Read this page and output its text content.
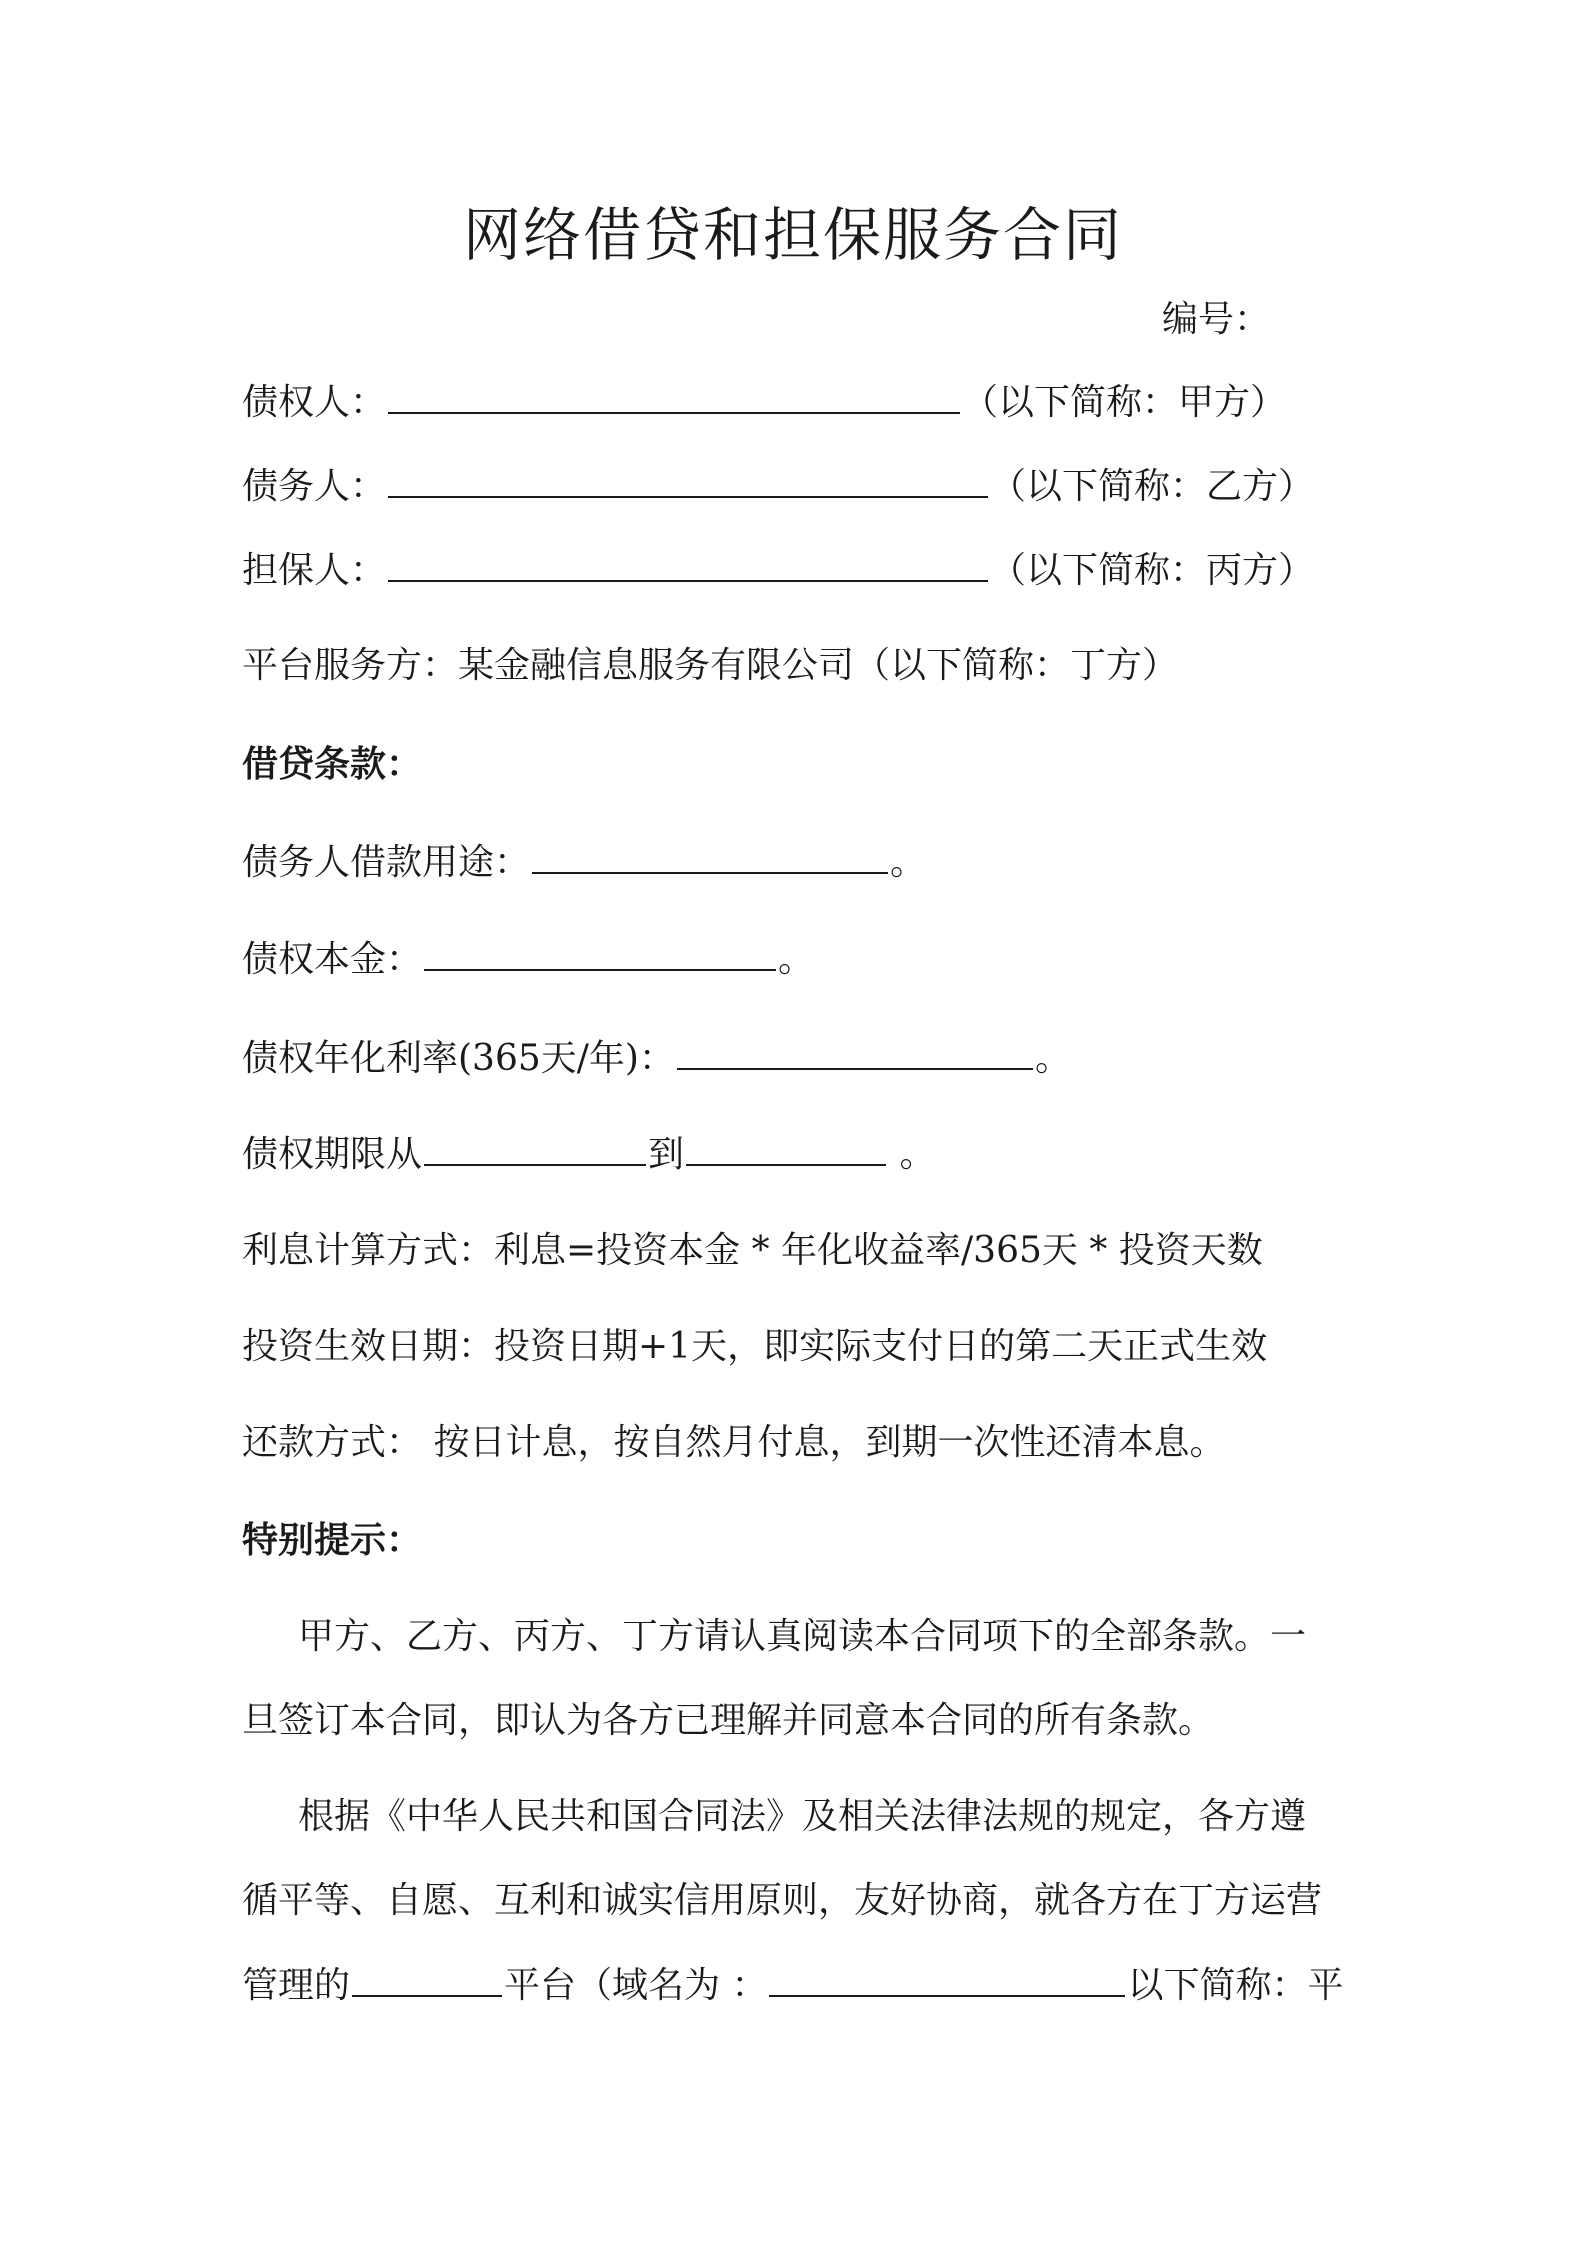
网络借贷和担保服务合同
编号：
债权人：	（以下简称：甲方）
债务人：	（以下简称：乙方）
担保人：	（以下简称：丙方）
平台服务方：某金融信息服务有限公司（以下简称：丁方）
借贷条款：
债务人借款用途：	。
债权本金：	。
债权年化利率(365天/年)：	。
债权期限从	到	。
利息计算方式：利息=投资本金 * 年化收益率/365天 * 投资天数
投资生效日期：投资日期+1天，即实际支付日的第二天正式生效
还款方式： 按日计息，按自然月付息，到期一次性还清本息。
特别提示：
甲方、乙方、丙方、丁方请认真阅读本合同项下的全部条款。一
旦签订本合同，即认为各方已理解并同意本合同的所有条款。
根据《中华人民共和国合同法》及相关法律法规的规定，各方遵
循平等、自愿、互利和诚实信用原则，友好协商，就各方在丁方运营
管理的	平台（域名为 ：	以下简称：平
